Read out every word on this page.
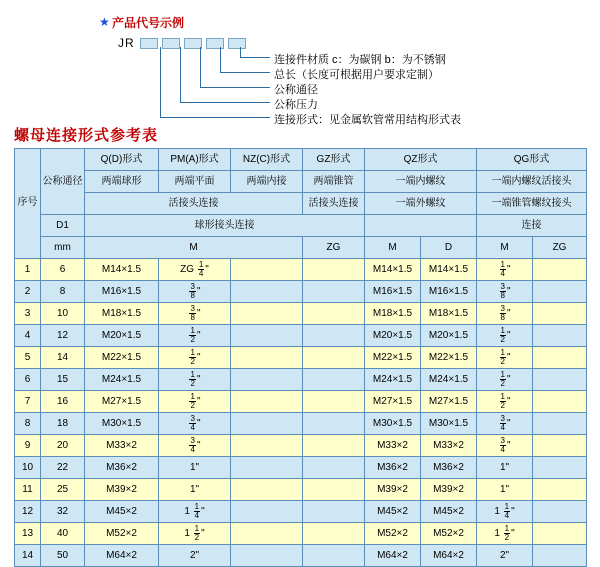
★ 产品代号示例
JR
连接件材质 c：为碳钢 b：为不锈钢
总长（长度可根据用户要求定制）
公称通径
公称压力
连接形式：见金属软管常用结构形式表
螺母连接形式参考表
序号	公称通径	Q(D)形式	PM(A)形式	NZ(C)形式	GZ形式	QZ形式		QG形式	
		两端球形	两端平面	两端内接	两端锥管	一端内螺纹		一端内螺纹活接头	
		活接头连接			活接头连接	一端外螺纹		一端锥管螺纹接头	
	D1	球形接头连接						连接	
	mm	M			ZG	M	D	M	ZG
1	6	M14×1.5	ZG $\frac{1}{4}$ "			M14×1.5	M14×1.5	$\frac{1}{4}$ "	
2	8	M16×1.5	$\frac{3}{8}$ "			M16×1.5	M16×1.5	$\frac{3}{8}$ "	
3	10	M18×1.5	$\frac{3}{8}$ "			M18×1.5	M18×1.5	$\frac{3}{8}$ "	
4	12	M20×1.5	$\frac{1}{2}$ "			M20×1.5	M20×1.5	$\frac{1}{2}$ "	
5	14	M22×1.5	$\frac{1}{2}$ "			M22×1.5	M22×1.5	$\frac{1}{2}$ "	
6	15	M24×1.5	$\frac{1}{2}$ "			M24×1.5	M24×1.5	$\frac{1}{2}$ "	
7	16	M27×1.5	$\frac{1}{2}$ "			M27×1.5	M27×1.5	$\frac{1}{2}$ "	
8	18	M30×1.5	$\frac{3}{4}$ "			M30×1.5	M30×1.5	$\frac{3}{4}$ "	
9	20	M33×2	$\frac{3}{4}$ "			M33×2	M33×2	$\frac{3}{4}$ "	
10	22	M36×2	1"			M36×2	M36×2	1"	
11	25	M39×2	1"			M39×2	M39×2	1"	
12	32	M45×2	$1 \frac{1}{4}$ "			M45×2	M45×2	$1 \frac{1}{4}$ "	
13	40	M52×2	$1 \frac{1}{2}$ "			M52×2	M52×2	$1 \frac{1}{2}$ "	
14	50	M64×2	2"			M64×2	M64×2	2"	
